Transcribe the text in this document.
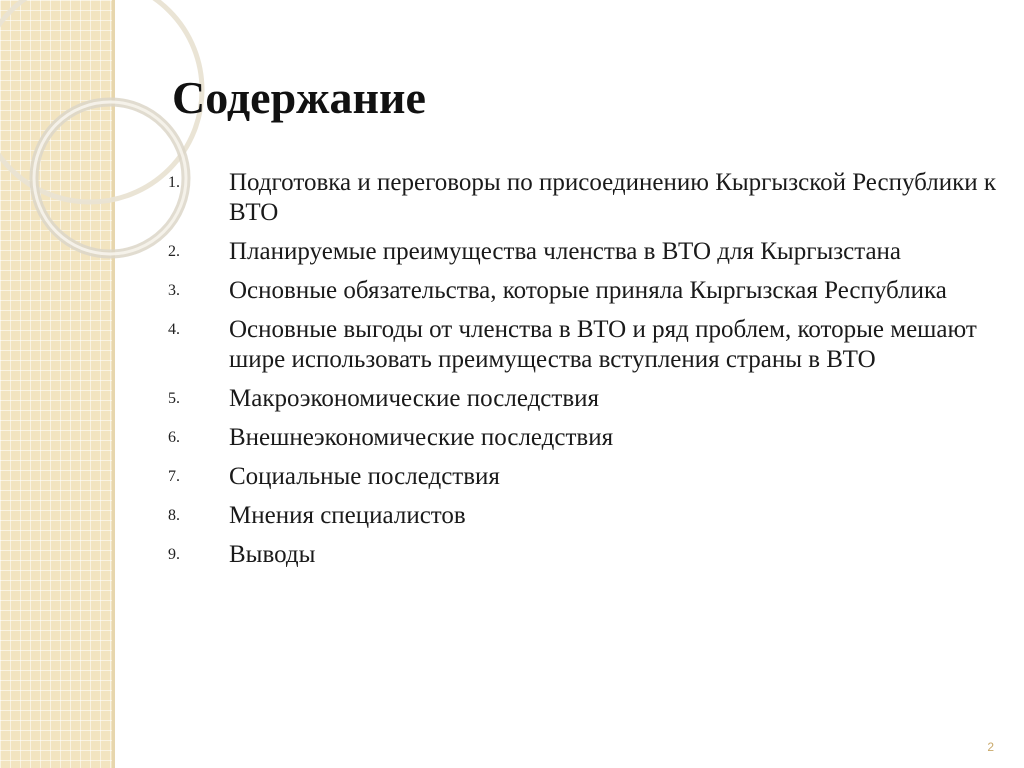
Содержание
1.	Подготовка и переговоры по присоединению Кыргызской Республики к ВТО
2.	Планируемые преимущества членства в ВТО для Кыргызстана
3.	Основные обязательства, которые приняла Кыргызская Республика
4.	Основные выгоды от членства в ВТО и ряд проблем, которые мешают шире использовать преимущества вступления страны в ВТО
5.	Макроэкономические последствия
6.	Внешнеэкономические последствия
7.	Социальные последствия
8.	Мнения специалистов
9.	Выводы
2
